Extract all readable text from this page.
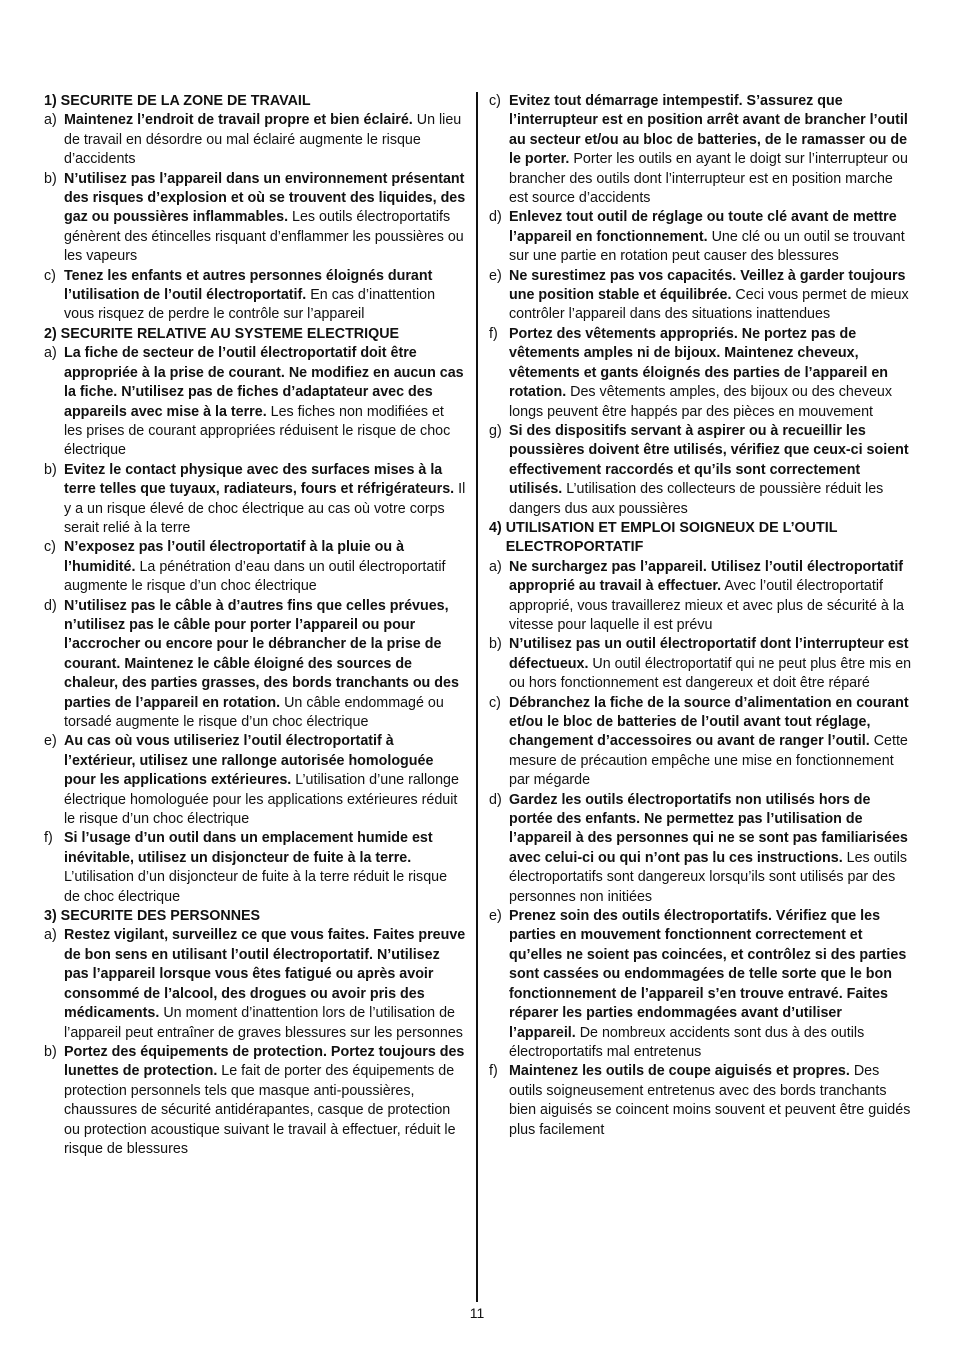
1) SECURITE DE LA ZONE DE TRAVAIL
a) Maintenez l’endroit de travail propre et bien éclairé. Un lieu de travail en désordre ou mal éclairé augmente le risque d’accidents
b) N’utilisez pas l’appareil dans un environnement présentant des risques d’explosion et où se trouvent des liquides, des gaz ou poussières inflammables. Les outils électroportatifs génèrent des étincelles risquant d’enflammer les poussières ou les vapeurs
c) Tenez les enfants et autres personnes éloignés durant l’utilisation de l’outil électroportatif. En cas d’inattention vous risquez de perdre le contrôle sur l’appareil
2) SECURITE RELATIVE AU SYSTEME ELECTRIQUE
a) La fiche de secteur de l’outil électroportatif doit être appropriée à la prise de courant. Ne modifiez en aucun cas la fiche. N’utilisez pas de fiches d’adaptateur avec des appareils avec mise à la terre. Les fiches non modifiées et les prises de courant appropriées réduisent le risque de choc électrique
b) Evitez le contact physique avec des surfaces mises à la terre telles que tuyaux, radiateurs, fours et réfrigérateurs. Il y a un risque élevé de choc électrique au cas où votre corps serait relié à la terre
c) N’exposez pas l’outil électroportatif à la pluie ou à l’humidité. La pénétration d’eau dans un outil électroportatif augmente le risque d’un choc électrique
d) N’utilisez pas le câble à d’autres fins que celles prévues, n’utilisez pas le câble pour porter l’appareil ou pour l’accrocher ou encore pour le débrancher de la prise de courant. Maintenez le câble éloigné des sources de chaleur, des parties grasses, des bords tranchants ou des parties de l’appareil en rotation. Un câble endommagé ou torsadé augmente le risque d’un choc électrique
e) Au cas où vous utiliseriez l’outil électroportatif à l’extérieur, utilisez une rallonge autorisée homologuée pour les applications extérieures. L’utilisation d’une rallonge électrique homologuée pour les applications extérieures réduit le risque d’un choc électrique
f) Si l’usage d’un outil dans un emplacement humide est inévitable, utilisez un disjoncteur de fuite à la terre. L’utilisation d’un disjoncteur de fuite à la terre réduit le risque de choc électrique
3) SECURITE DES PERSONNES
a) Restez vigilant, surveillez ce que vous faites. Faites preuve de bon sens en utilisant l’outil électroportatif. N’utilisez pas l’appareil lorsque vous êtes fatigué ou après avoir consommé de l’alcool, des drogues ou avoir pris des médicaments. Un moment d’inattention lors de l’utilisation de l’appareil peut entraîner de graves blessures sur les personnes
b) Portez des équipements de protection. Portez toujours des lunettes de protection. Le fait de porter des équipements de protection personnels tels que masque anti-poussières, chaussures de sécurité antidérapantes, casque de protection ou protection acoustique suivant le travail à effectuer, réduit le risque de blessures
c) Evitez tout démarrage intempestif. S’assurez que l’interrupteur est en position arrêt avant de brancher l’outil au secteur et/ou au bloc de batteries, de le ramasser ou de le porter. Porter les outils en ayant le doigt sur l’interrupteur ou brancher des outils dont l’interrupteur est en position marche est source d’accidents
d) Enlevez tout outil de réglage ou toute clé avant de mettre l’appareil en fonctionnement. Une clé ou un outil se trouvant sur une partie en rotation peut causer des blessures
e) Ne surestimez pas vos capacités. Veillez à garder toujours une position stable et équilibrée. Ceci vous permet de mieux contrôler l’appareil dans des situations inattendues
f) Portez des vêtements appropriés. Ne portez pas de vêtements amples ni de bijoux. Maintenez cheveux, vêtements et gants éloignés des parties de l’appareil en rotation. Des vêtements amples, des bijoux ou des cheveux longs peuvent être happés par des pièces en mouvement
g) Si des dispositifs servant à aspirer ou à recueillir les poussières doivent être utilisés, vérifiez que ceux-ci soient effectivement raccordés et qu’ils sont correctement utilisés. L’utilisation des collecteurs de poussière réduit les dangers dus aux poussières
4) UTILISATION ET EMPLOI SOIGNEUX DE L’OUTIL ELECTROPORTATIF
a) Ne surchargez pas l’appareil. Utilisez l’outil électroportatif approprié au travail à effectuer. Avec l’outil électroportatif approprié, vous travaillerez mieux et avec plus de sécurité à la vitesse pour laquelle il est prévu
b) N’utilisez pas un outil électroportatif dont l’interrupteur est défectueux. Un outil électroportatif qui ne peut plus être mis en ou hors fonctionnement est dangereux et doit être réparé
c) Débranchez la fiche de la source d’alimentation en courant et/ou le bloc de batteries de l’outil avant tout réglage, changement d’accessoires ou avant de ranger l’outil. Cette mesure de précaution empêche une mise en fonctionnement par mégarde
d) Gardez les outils électroportatifs non utilisés hors de portée des enfants. Ne permettez pas l’utilisation de l’appareil à des personnes qui ne se sont pas familiarisées avec celui-ci ou qui n’ont pas lu ces instructions. Les outils électroportatifs sont dangereux lorsqu’ils sont utilisés par des personnes non initiées
e) Prenez soin des outils électroportatifs. Vérifiez que les parties en mouvement fonctionnent correctement et qu’elles ne soient pas coincées, et contrôlez si des parties sont cassées ou endommagées de telle sorte que le bon fonctionnement de l’appareil s’en trouve entravé. Faites réparer les parties endommagées avant d’utiliser l’appareil. De nombreux accidents sont dus à des outils électroportatifs mal entretenus
f) Maintenez les outils de coupe aiguisés et propres. Des outils soigneusement entretenus avec des bords tranchants bien aiguisés se coincent moins souvent et peuvent être guidés plus facilement
11
